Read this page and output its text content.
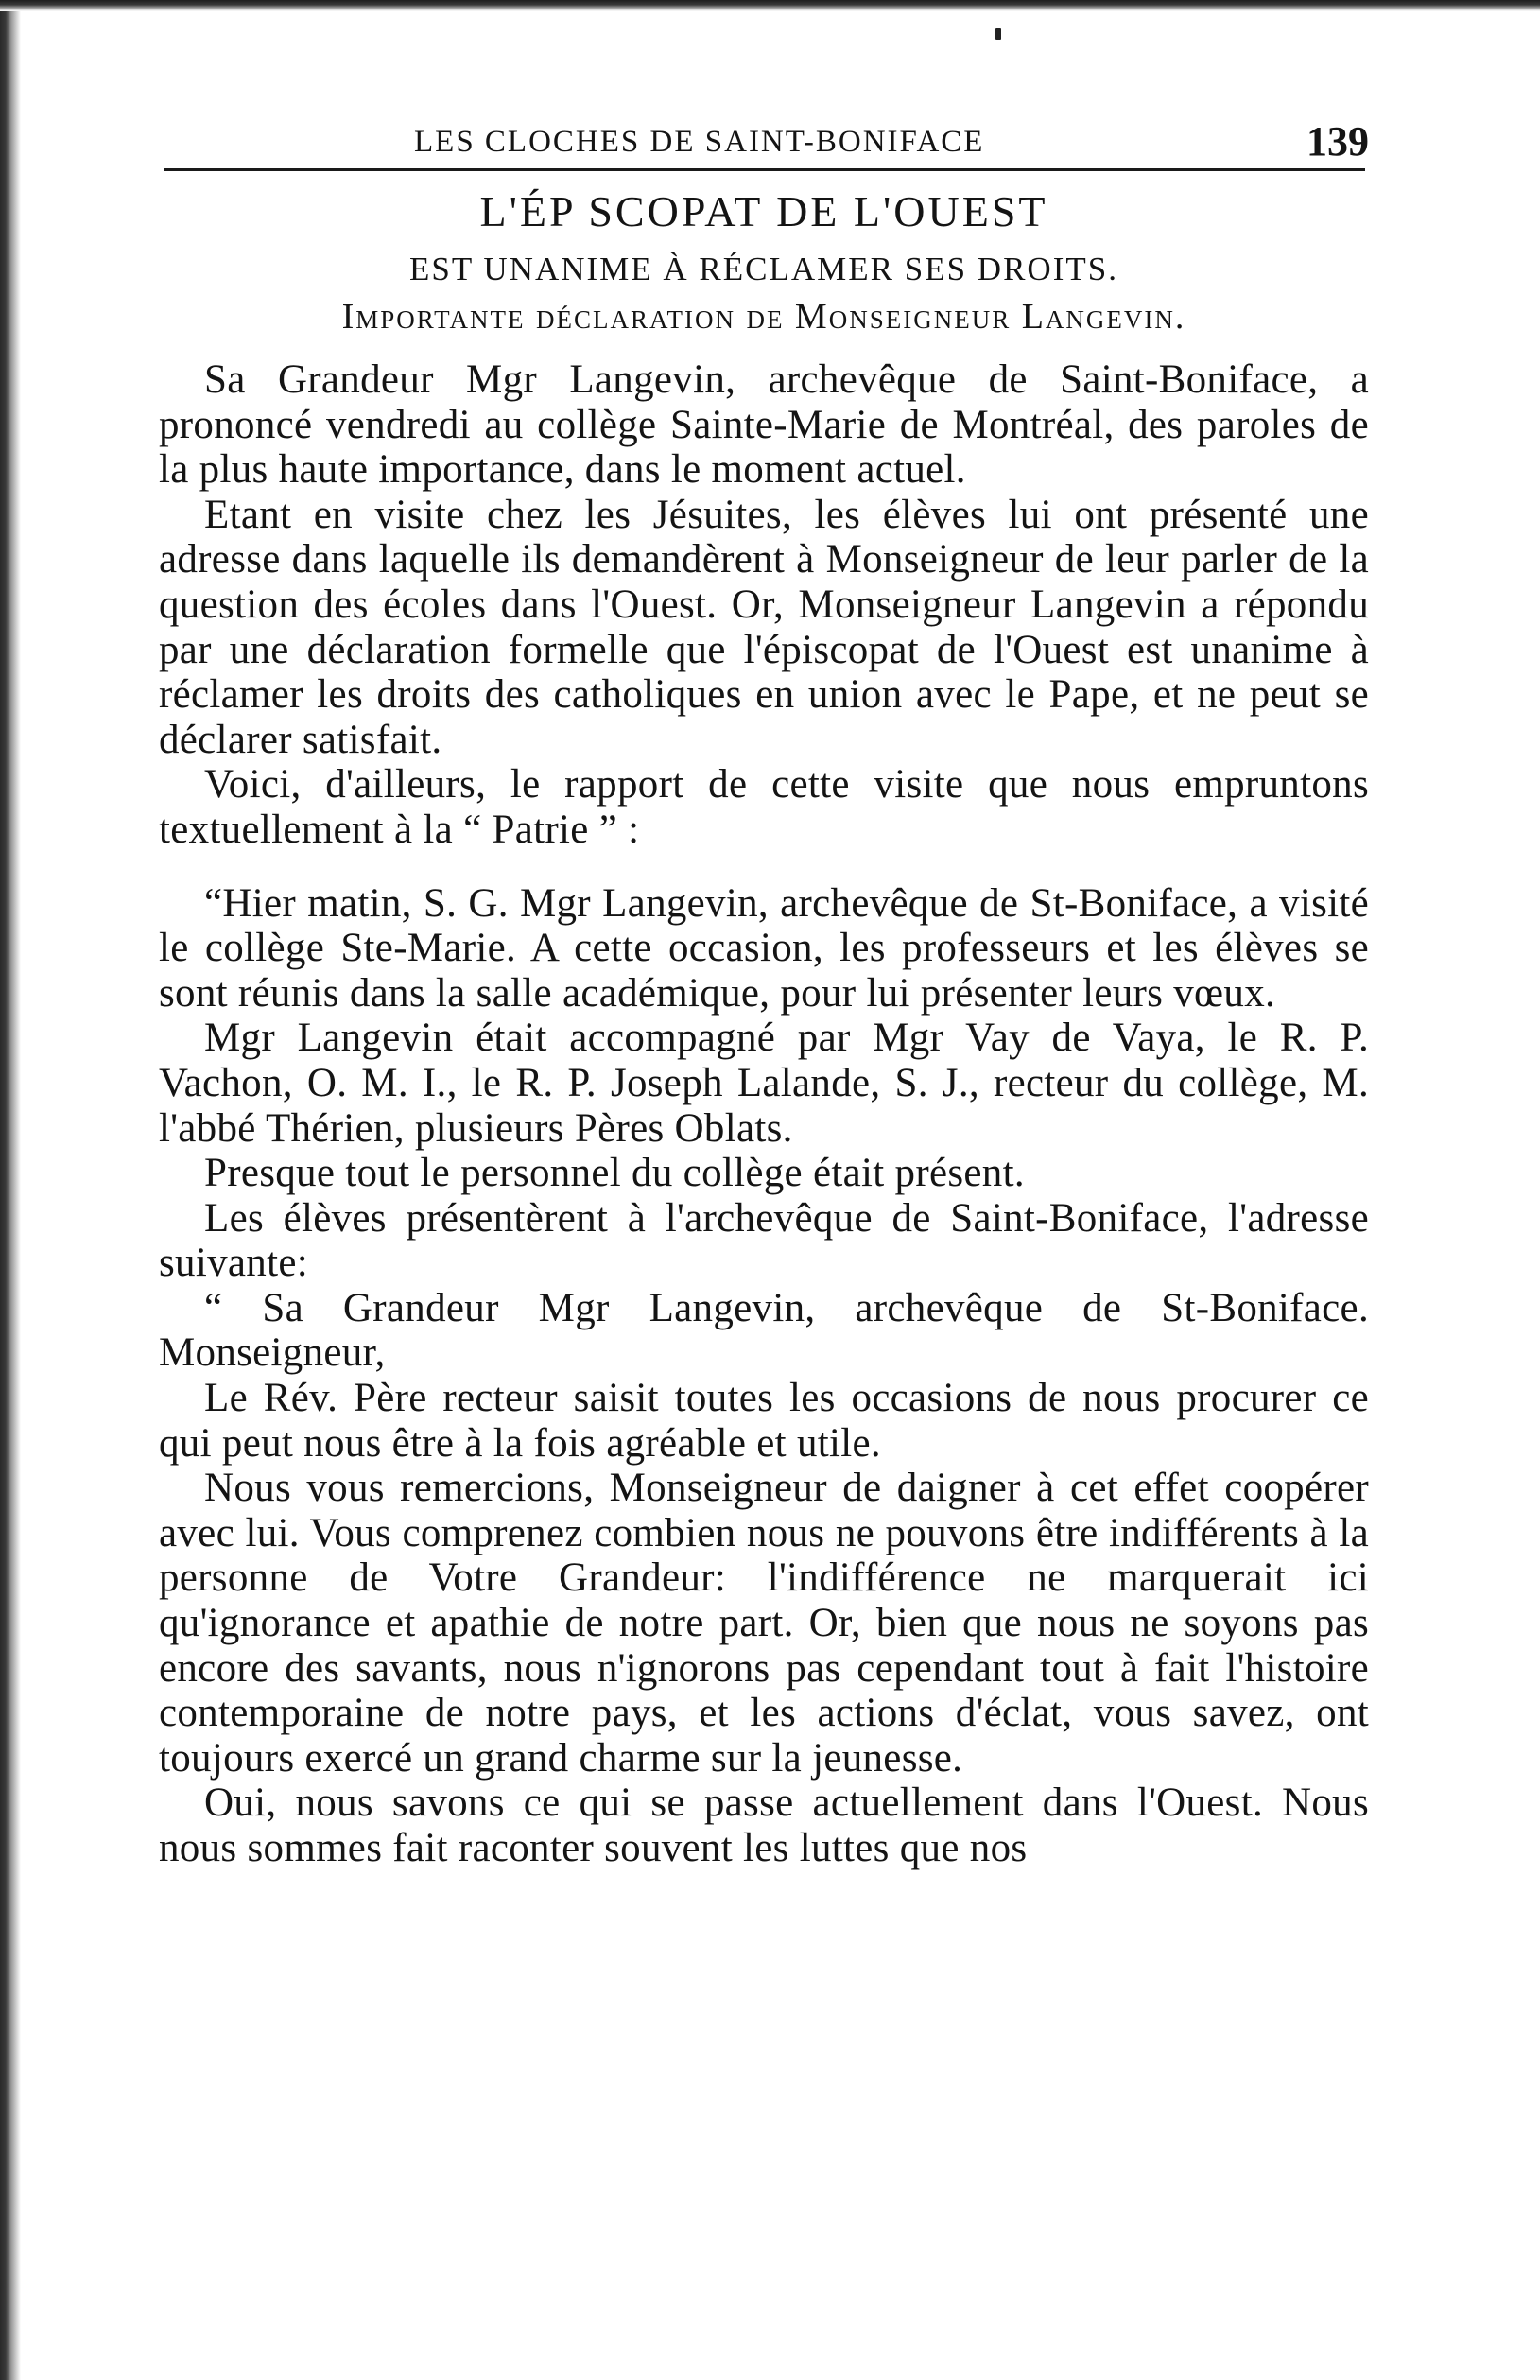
LES CLOCHES DE SAINT-BONIFACE	139
L'ÉP SCOPAT DE L'OUEST
EST UNANIME À RÉCLAMER SES DROITS.
Importante déclaration de Monseigneur Langevin.

Sa Grandeur Mgr Langevin, archevêque de Saint-Boniface, a prononcé vendredi au collège Sainte-Marie de Montréal, des paroles de la plus haute importance, dans le moment actuel.

Etant en visite chez les Jésuites, les élèves lui ont présenté une adresse dans laquelle ils demandèrent à Monseigneur de leur parler de la question des écoles dans l'Ouest. Or, Monseigneur Langevin a répondu par une déclaration formelle que l'épiscopat de l'Ouest est unanime à réclamer les droits des catholiques en union avec le Pape, et ne peut se déclarer satisfait.

Voici, d'ailleurs, le rapport de cette visite que nous empruntons textuellement à la “ Patrie ” :

“Hier matin, S. G. Mgr Langevin, archevêque de St-Boniface, a visité le collège Ste-Marie. A cette occasion, les professeurs et les élèves se sont réunis dans la salle académique, pour lui présenter leurs vœux.

Mgr Langevin était accompagné par Mgr Vay de Vaya, le R. P. Vachon, O. M. I., le R. P. Joseph Lalande, S. J., recteur du collège, M. l'abbé Thérien, plusieurs Pères Oblats.

Presque tout le personnel du collège était présent.

Les élèves présentèrent à l'archevêque de Saint-Boniface, l'adresse suivante:

“ Sa Grandeur Mgr Langevin, archevêque de St-Boniface. Monseigneur,

Le Rév. Père recteur saisit toutes les occasions de nous procurer ce qui peut nous être à la fois agréable et utile.

Nous vous remercions, Monseigneur de daigner à cet effet coopérer avec lui. Vous comprenez combien nous ne pouvons être indifférents à la personne de Votre Grandeur: l'indifférence ne marquerait ici qu'ignorance et apathie de notre part. Or, bien que nous ne soyons pas encore des savants, nous n'ignorons pas cependant tout à fait l'histoire contemporaine de notre pays, et les actions d'éclat, vous savez, ont toujours exercé un grand charme sur la jeunesse.

Oui, nous savons ce qui se passe actuellement dans l'Ouest. Nous nous sommes fait raconter souvent les luttes que nos
